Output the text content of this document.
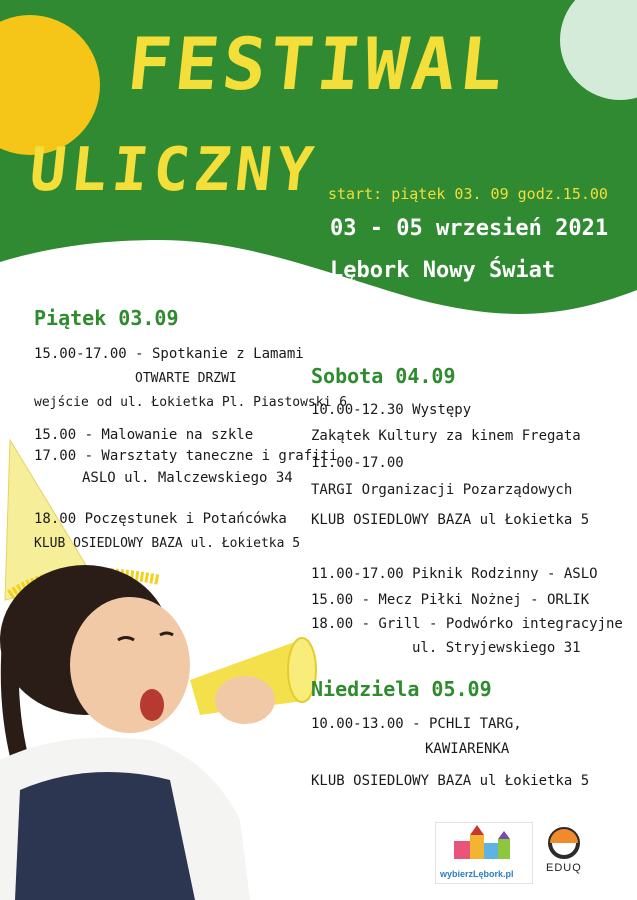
FESTIWAL
ULICZNY start: piątek 03. 09 godz.15.00
03 - 05 wrzesień 2021
Lębork Nowy Świat
Piątek 03.09
15.00-17.00 - Spotkanie z Lamami
OTWARTE DRZWI
wejście od ul. Łokietka Pl. Piastowski 6
15.00 - Malowanie na szkle
17.00 - Warsztaty taneczne i grafiti
ASLO ul. Malczewskiego 34
18.00 Poczęstunek i Potańcówka
KLUB OSIEDLOWY BAZA ul. Łokietka 5
Sobota 04.09
10.00-12.30 Występy
Zakątek Kultury za kinem Fregata
11.00-17.00
TARGI Organizacji Pozarządowych
KLUB OSIEDLOWY BAZA ul Łokietka 5
11.00-17.00 Piknik Rodzinny - ASLO
15.00 - Mecz Piłki Nożnej - ORLIK
18.00 - Grill - Podwórko integracyjne
ul. Stryjewskiego 31
Niedziela 05.09
10.00-13.00 - PCHLI TARG,
KAWIARENKA
KLUB OSIEDLOWY BAZA ul Łokietka 5
wybierzLębork.pl	EDUQ
